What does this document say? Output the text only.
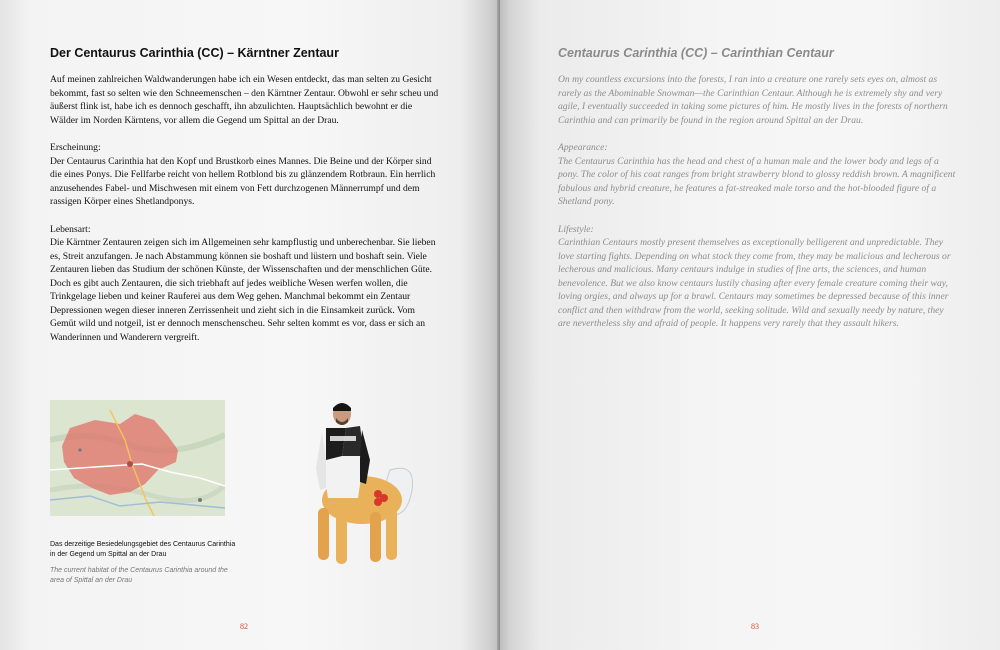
Der Centaurus Carinthia (CC) – Kärntner Zentaur

Auf meinen zahlreichen Waldwanderungen habe ich ein Wesen entdeckt, das man selten zu Gesicht bekommt, fast so selten wie den Schneemenschen – den Kärntner Zentaur. Obwohl er sehr scheu und äußerst flink ist, habe ich es dennoch geschafft, ihn abzulichten. Hauptsächlich bewohnt er die Wälder im Norden Kärntens, vor allem die Gegend um Spittal an der Drau.

Erscheinung:
Der Centaurus Carinthia hat den Kopf und Brustkorb eines Mannes. Die Beine und der Körper sind die eines Ponys. Die Fellfarbe reicht von hellem Rotblond bis zu glänzendem Rotbraun. Ein herrlich anzusehendes Fabel- und Mischwesen mit einem von Fett durchzogenen Männerrumpf und dem rassigen Körper eines Shetlandponys.

Lebensart:
Die Kärntner Zentauren zeigen sich im Allgemeinen sehr kampflustig und unberechenbar. Sie lieben es, Streit anzufangen. Je nach Abstammung können sie boshaft und lüstern und boshaft sein. Viele Zentauren lieben das Studium der schönen Künste, der Wissenschaften und der menschlichen Güte. Doch es gibt auch Zentauren, die sich triebhaft auf jedes weibliche Wesen werfen wollen, die Trinkgelage lieben und keiner Rauferei aus dem Weg gehen. Manchmal bekommt ein Zentaur Depressionen wegen dieser inneren Zerrissenheit und zieht sich in die Einsamkeit zurück. Vom Gemüt wild und notgeil, ist er dennoch menschenscheu. Sehr selten kommt es vor, dass er sich an Wanderinnen und Wanderern vergreift.

Das derzeitige Besiedelungsgebiet des Centaurus Carinthia in der Gegend um Spittal an der Drau
The current habitat of the Centaurus Carinthia around the area of Spittal an der Drau
82
Centaurus Carinthia (CC) – Carinthian Centaur

On my countless excursions into the forests, I ran into a creature one rarely sets eyes on, almost as rarely as the Abominable Snowman—the Carinthian Centaur. Although he is extremely shy and very agile, I eventually succeeded in taking some pictures of him. He mostly lives in the forests of northern Carinthia and can primarily be found in the region around Spittal an der Drau.

Appearance:
The Centaurus Carinthia has the head and chest of a human male and the lower body and legs of a pony. The color of his coat ranges from bright strawberry blond to glossy reddish brown. A magnificent fabulous and hybrid creature, he features a fat-streaked male torso and the hot-blooded figure of a Shetland pony.

Lifestyle:
Carinthian Centaurs mostly present themselves as exceptionally belligerent and unpredictable. They love starting fights. Depending on what stock they come from, they may be malicious and lecherous or lecherous and malicious. Many centaurs indulge in studies of fine arts, the sciences, and human benevolence. But we also know centaurs lustily chasing after every female creature coming their way, loving orgies, and always up for a brawl. Centaurs may sometimes be depressed because of this inner conflict and then withdraw from the world, seeking solitude. Wild and sexually needy by nature, they are nevertheless shy and afraid of people. It happens very rarely that they assault hikers.

83
